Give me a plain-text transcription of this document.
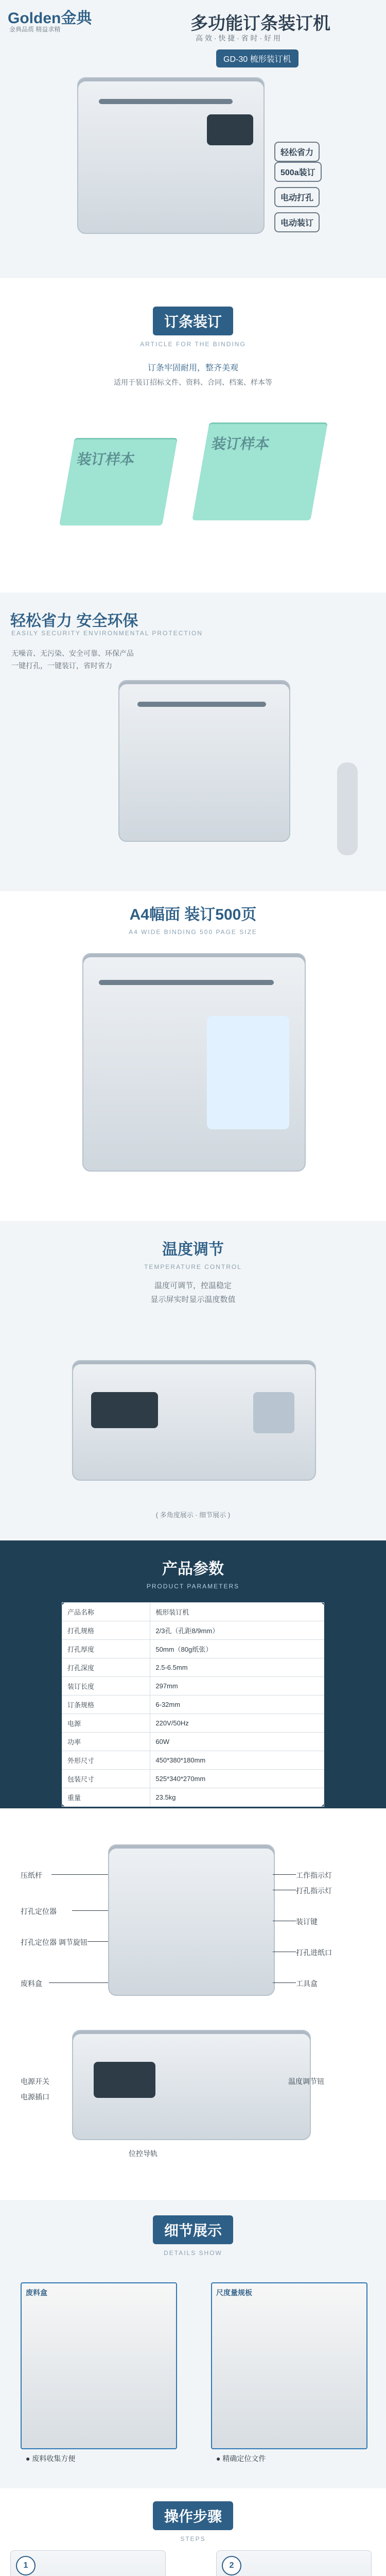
Golden金典
金典品质 精益求精	多功能订条装订机
高 效 · 快 捷 · 省 时 · 好 用
GD-30 梳形装订机
轻松省力 500a装订 电动打孔 电动装订
订条装订
ARTICLE FOR THE BINDING
订条牢固耐用，整齐美观
适用于装订招标文件、资料、合同、档案、样本等
装订样本
装订样本
轻松省力 安全环保
EASILY SECURITY ENVIRONMENTAL PROTECTION
无噪音、无污染、安全可靠、环保产品
一键打孔，一键装订，省时省力
A4幅面 装订500页
A4 WIDE BINDING 500 PAGE SIZE
温度调节
TEMPERATURE CONTROL
温度可调节，控温稳定
显示屏实时显示温度数值
( 多角度展示 · 细节展示 )
产品参数
PRODUCT PARAMETERS
产品名称	梳形装订机
打孔规格	2/3孔（孔距8/9mm）
打孔厚度	50mm（80g纸张）
打孔深度	2.5-6.5mm
装订长度	297mm
订条规格	6-32mm
电源	220V/50Hz
功率	60W
外形尺寸	450*380*180mm
包装尺寸	525*340*270mm
重量	23.5kg
压纸杆
打孔定位器
打孔定位器 调节旋钮
废料盒
工作指示灯
打孔指示灯
装订键
打孔进纸口
工具盒
电源开关
电源插口
位控导轨
温度调节钮
细节展示
DETAILS SHOW
废料盒
● 废料收集方便
尺度量规板
● 精确定位文件
操作步骤
STEPS
1	2
